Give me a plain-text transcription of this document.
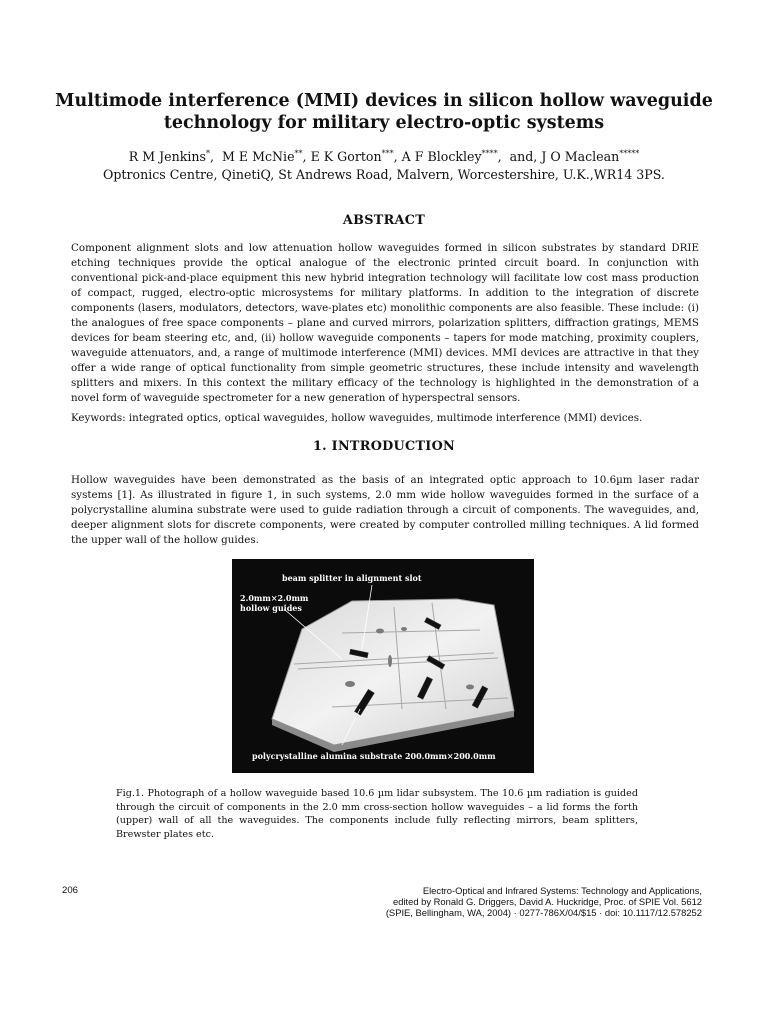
Multimode interference (MMI) devices in silicon hollow waveguide
technology for military electro-optic systems
R M Jenkins*,  M E McNie**, E K Gorton***, A F Blockley****,  and, J O Maclean*****
Optronics Centre, QinetiQ, St Andrews Road, Malvern, Worcestershire, U.K.,WR14 3PS.
ABSTRACT
Component alignment slots and low attenuation hollow waveguides formed in silicon substrates by standard DRIE etching techniques provide the optical analogue of the electronic printed circuit board. In conjunction with conventional pick-and-place equipment this new hybrid integration technology will facilitate low cost mass production of compact, rugged, electro-optic microsystems for military platforms. In addition to the integration of discrete components (lasers, modulators, detectors, wave-plates etc) monolithic components are also feasible. These include: (i) the analogues of free space components – plane and curved mirrors, polarization splitters, diffraction gratings, MEMS devices for beam steering etc, and, (ii) hollow waveguide components – tapers for mode matching, proximity couplers, waveguide attenuators, and, a range of multimode interference (MMI) devices. MMI devices are attractive in that they offer a wide range of optical functionality from simple geometric structures, these include intensity and wavelength splitters and mixers. In this context the military efficacy of the technology is highlighted in the demonstration of a novel form of waveguide spectrometer for a new generation of hyperspectral sensors.
Keywords: integrated optics, optical waveguides, hollow waveguides, multimode interference (MMI) devices.
1. INTRODUCTION
Hollow waveguides have been demonstrated as the basis of an integrated optic approach to 10.6µm laser radar systems [1]. As illustrated in figure 1, in such systems, 2.0 mm wide hollow waveguides formed in the surface of a polycrystalline alumina substrate were used to guide radiation through a circuit of components. The waveguides, and, deeper alignment slots for discrete components, were created by computer controlled milling techniques. A lid formed the upper wall of the hollow guides.
beam splitter in alignment slot
2.0mm×2.0mm
hollow guides
polycrystalline alumina substrate 200.0mm×200.0mm
Fig.1. Photograph of a hollow waveguide based 10.6 µm lidar subsystem. The 10.6 µm radiation is guided through the circuit of components in the 2.0 mm cross-section hollow waveguides – a lid forms the forth (upper) wall of all the waveguides. The components include fully reflecting mirrors, beam splitters, Brewster plates etc.
206	Electro-Optical and Infrared Systems: Technology and Applications,
edited by Ronald G. Driggers, David A. Huckridge, Proc. of SPIE Vol. 5612
(SPIE, Bellingham, WA, 2004) · 0277-786X/04/$15 · doi: 10.1117/12.578252
